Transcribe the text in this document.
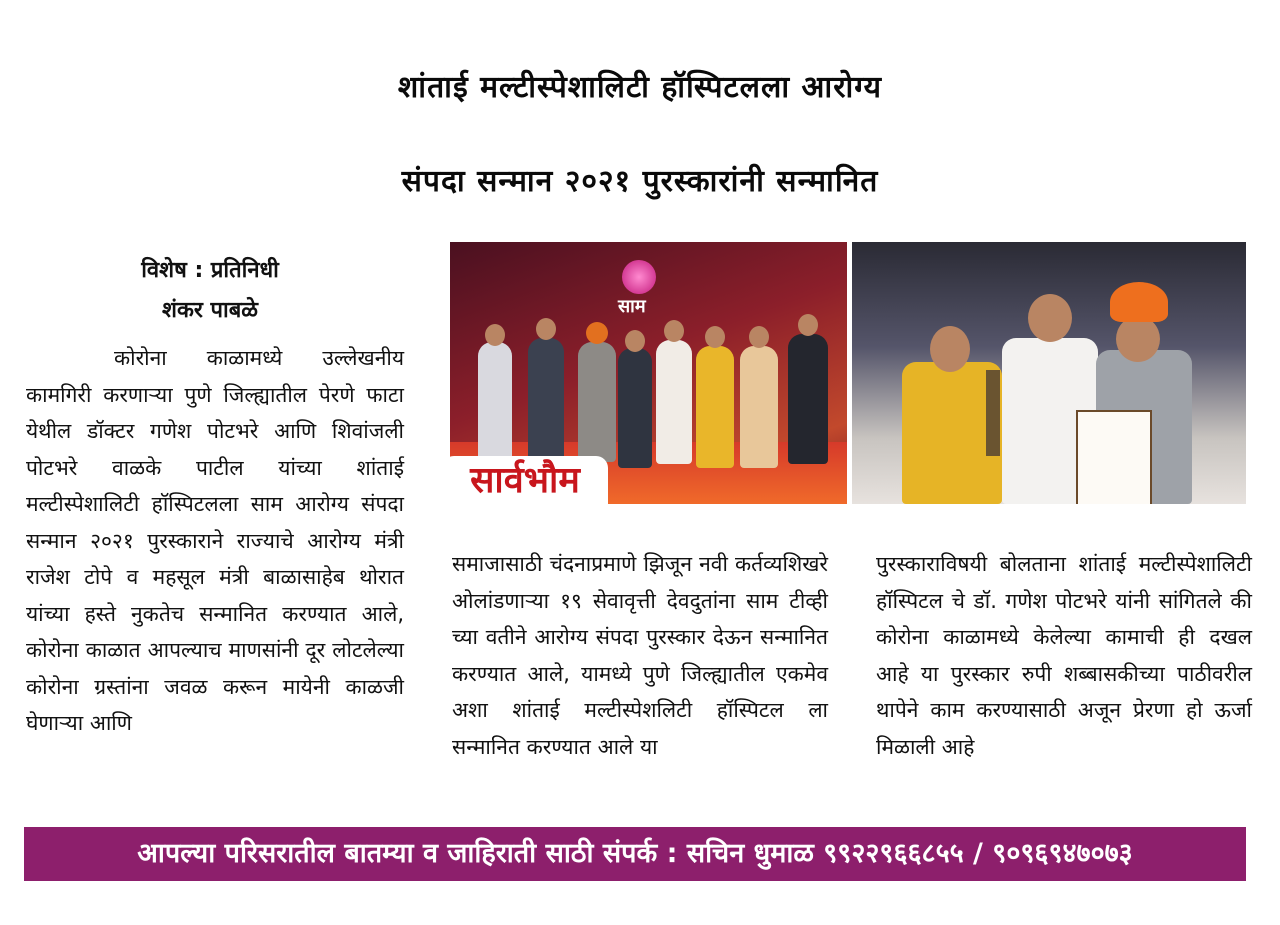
शांताई मल्टीस्पेशालिटी हॉस्पिटलला आरोग्य
संपदा सन्मान २०२१ पुरस्कारांनी सन्मानित
विशेष : प्रतिनिधी
शंकर पाबळे

कोरोना काळामध्ये उल्लेखनीय कामगिरी करणाऱ्या पुणे जिल्ह्यातील पेरणे फाटा येथील डॉक्टर गणेश पोटभरे आणि शिवांजली पोटभरे वाळके पाटील यांच्या शांताई मल्टीस्पेशालिटी हॉस्पिटलला साम आरोग्य संपदा सन्मान २०२१ पुरस्काराने राज्याचे आरोग्य मंत्री राजेश टोपे व महसूल मंत्री बाळासाहेब थोरात यांच्या हस्ते नुकतेच सन्मानित करण्यात आले, कोरोना काळात आपल्याच माणसांनी दूर लोटलेल्या कोरोना ग्रस्तांना जवळ करून मायेनी काळजी घेणाऱ्या आणि

साम
सार्वभौम

समाजासाठी चंदनाप्रमाणे झिजून नवी कर्तव्यशिखरे ओलांडणाऱ्या १९ सेवावृत्ती देवदुतांना साम टीव्ही च्या वतीने आरोग्य संपदा पुरस्कार देऊन सन्मानित करण्यात आले, यामध्ये पुणे जिल्ह्यातील एकमेव अशा शांताई मल्टीस्पेशलिटी हॉस्पिटल ला सन्मानित करण्यात आले या

पुरस्काराविषयी बोलताना शांताई मल्टीस्पेशालिटी हॉस्पिटल चे डॉ. गणेश पोटभरे यांनी सांगितले की कोरोना काळामध्ये केलेल्या कामाची ही दखल आहे या पुरस्कार रुपी शब्बासकीच्या पाठीवरील थापेने काम करण्यासाठी अजून प्रेरणा हो ऊर्जा मिळाली आहे

आपल्या परिसरातील बातम्या व जाहिराती साठी संपर्क : सचिन धुमाळ ९९२२९६६८५५ / ९०९६९४७०७३
